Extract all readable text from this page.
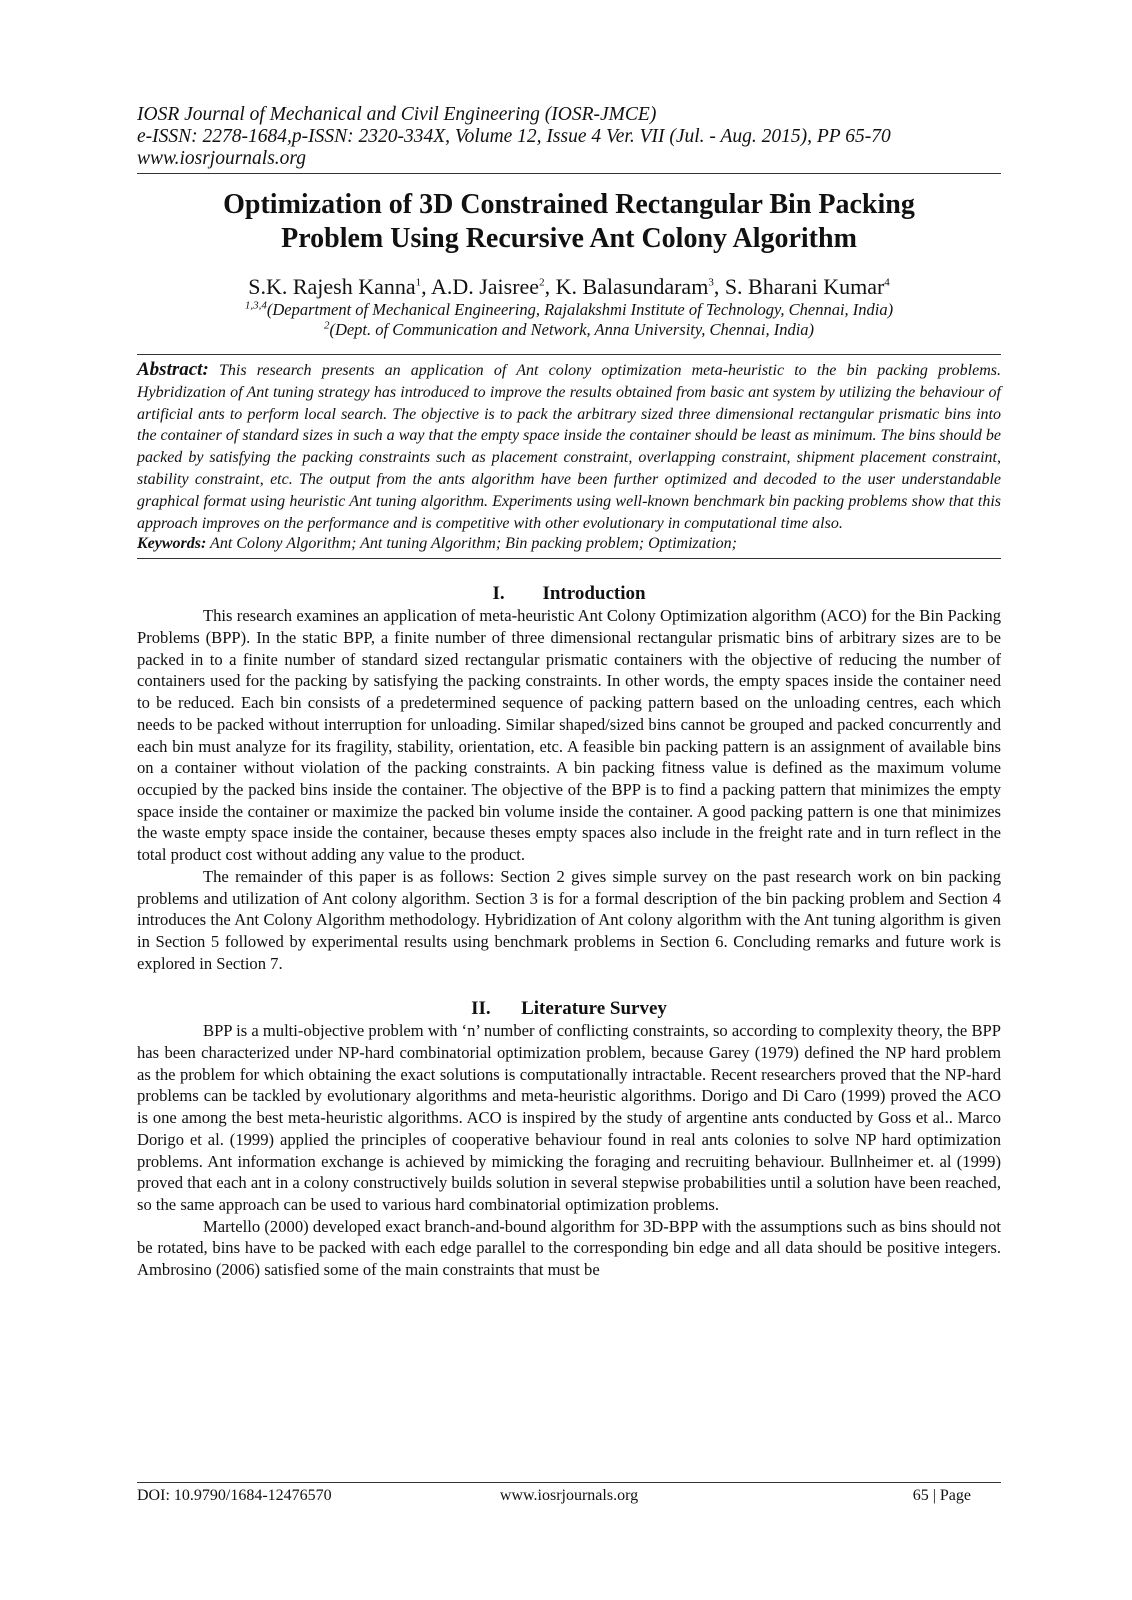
IOSR Journal of Mechanical and Civil Engineering (IOSR-JMCE)
e-ISSN: 2278-1684,p-ISSN: 2320-334X, Volume 12, Issue 4 Ver. VII (Jul. - Aug. 2015), PP 65-70
www.iosrjournals.org
Optimization of 3D Constrained Rectangular Bin Packing
Problem Using Recursive Ant Colony Algorithm
S.K. Rajesh Kanna$^1$, A.D. Jaisree$^2$, K. Balasundaram$^3$, S. Bharani Kumar$^4$
$^{1,3,4}$(Department of Mechanical Engineering, Rajalakshmi Institute of Technology, Chennai, India)
$^2$(Dept. of Communication and Network, Anna University, Chennai, India)

Abstract: This research presents an application of Ant colony optimization meta-heuristic to the bin packing problems. Hybridization of Ant tuning strategy has introduced to improve the results obtained from basic ant system by utilizing the behaviour of artificial ants to perform local search. The objective is to pack the arbitrary sized three dimensional rectangular prismatic bins into the container of standard sizes in such a way that the empty space inside the container should be least as minimum. The bins should be packed by satisfying the packing constraints such as placement constraint, overlapping constraint, shipment placement constraint, stability constraint, etc. The output from the ants algorithm have been further optimized and decoded to the user understandable graphical format using heuristic Ant tuning algorithm. Experiments using well-known benchmark bin packing problems show that this approach improves on the performance and is competitive with other evolutionary in computational time also.

Keywords: Ant Colony Algorithm; Ant tuning Algorithm; Bin packing problem; Optimization;

I. Introduction

This research examines an application of meta-heuristic Ant Colony Optimization algorithm (ACO) for the Bin Packing Problems (BPP). In the static BPP, a finite number of three dimensional rectangular prismatic bins of arbitrary sizes are to be packed in to a finite number of standard sized rectangular prismatic containers with the objective of reducing the number of containers used for the packing by satisfying the packing constraints. In other words, the empty spaces inside the container need to be reduced. Each bin consists of a predetermined sequence of packing pattern based on the unloading centres, each which needs to be packed without interruption for unloading. Similar shaped/sized bins cannot be grouped and packed concurrently and each bin must analyze for its fragility, stability, orientation, etc. A feasible bin packing pattern is an assignment of available bins on a container without violation of the packing constraints. A bin packing fitness value is defined as the maximum volume occupied by the packed bins inside the container. The objective of the BPP is to find a packing pattern that minimizes the empty space inside the container or maximize the packed bin volume inside the container. A good packing pattern is one that minimizes the waste empty space inside the container, because theses empty spaces also include in the freight rate and in turn reflect in the total product cost without adding any value to the product.

The remainder of this paper is as follows: Section 2 gives simple survey on the past research work on bin packing problems and utilization of Ant colony algorithm. Section 3 is for a formal description of the bin packing problem and Section 4 introduces the Ant Colony Algorithm methodology. Hybridization of Ant colony algorithm with the Ant tuning algorithm is given in Section 5 followed by experimental results using benchmark problems in Section 6. Concluding remarks and future work is explored in Section 7.

II. Literature Survey

BPP is a multi-objective problem with ‘n’ number of conflicting constraints, so according to complexity theory, the BPP has been characterized under NP-hard combinatorial optimization problem, because Garey (1979) defined the NP hard problem as the problem for which obtaining the exact solutions is computationally intractable. Recent researchers proved that the NP-hard problems can be tackled by evolutionary algorithms and meta-heuristic algorithms. Dorigo and Di Caro (1999) proved the ACO is one among the best meta-heuristic algorithms. ACO is inspired by the study of argentine ants conducted by Goss et al.. Marco Dorigo et al. (1999) applied the principles of cooperative behaviour found in real ants colonies to solve NP hard optimization problems. Ant information exchange is achieved by mimicking the foraging and recruiting behaviour. Bullnheimer et. al (1999) proved that each ant in a colony constructively builds solution in several stepwise probabilities until a solution have been reached, so the same approach can be used to various hard combinatorial optimization problems.

Martello (2000) developed exact branch-and-bound algorithm for 3D-BPP with the assumptions such as bins should not be rotated, bins have to be packed with each edge parallel to the corresponding bin edge and all data should be positive integers. Ambrosino (2006) satisfied some of the main constraints that must be

DOI: 10.9790/1684-12476570	www.iosrjournals.org	65 | Page
